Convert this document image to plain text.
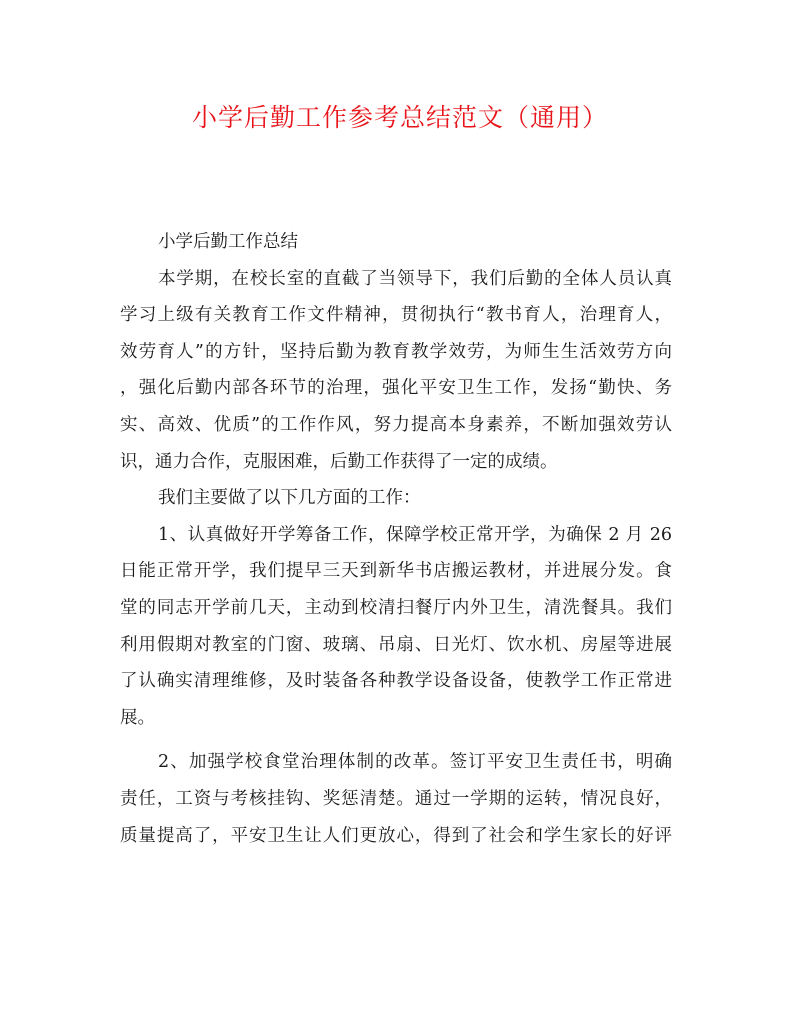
小学后勤工作参考总结范文（通用）
小学后勤工作总结
本学期，在校长室的直截了当领导下，我们后勤的全体人员认真
学习上级有关教育工作文件精神，贯彻执行“教书育人，治理育人，
效劳育人”的方针，坚持后勤为教育教学效劳，为师生生活效劳方向
，强化后勤内部各环节的治理，强化平安卫生工作，发扬“勤快、务
实、高效、优质”的工作作风，努力提高本身素养，不断加强效劳认
识，通力合作，克服困难，后勤工作获得了一定的成绩。
我们主要做了以下几方面的工作：
1、认真做好开学筹备工作，保障学校正常开学，为确保 2 月 26
日能正常开学，我们提早三天到新华书店搬运教材，并进展分发。食
堂的同志开学前几天，主动到校清扫餐厅内外卫生，清洗餐具。我们
利用假期对教室的门窗、玻璃、吊扇、日光灯、饮水机、房屋等进展
了认确实清理维修，及时装备各种教学设备设备，使教学工作正常进
展。
2、加强学校食堂治理体制的改革。签订平安卫生责任书，明确
责任，工资与考核挂钩、奖惩清楚。通过一学期的运转，情况良好，
质量提高了，平安卫生让人们更放心，得到了社会和学生家长的好评
